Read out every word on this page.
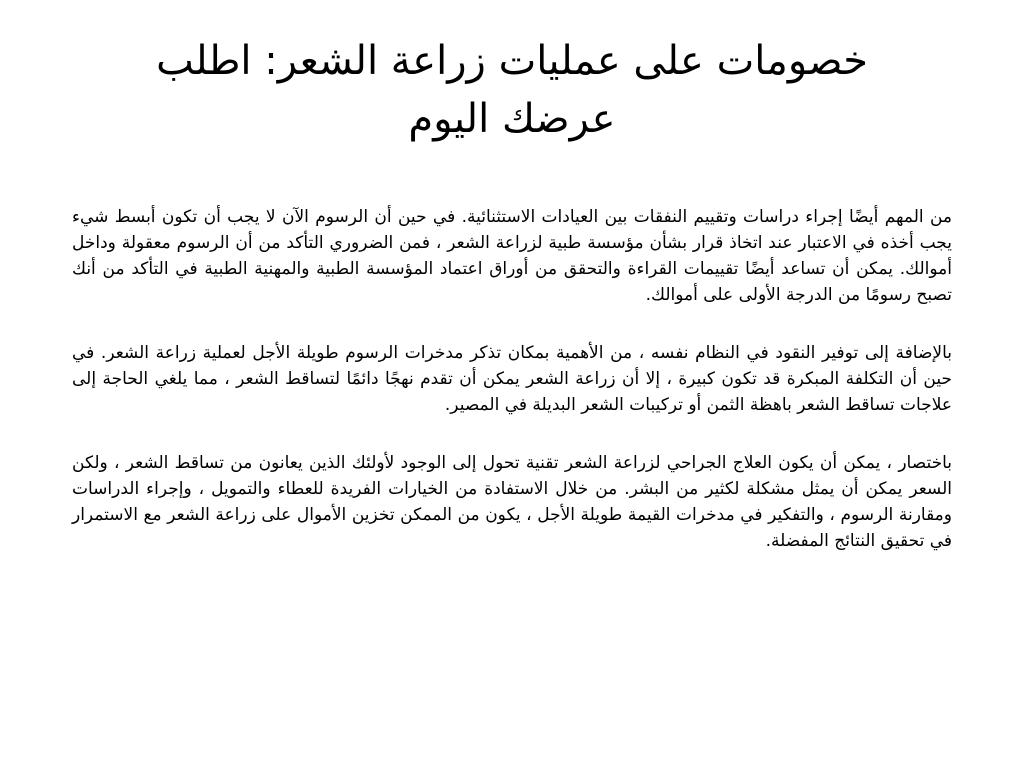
خصومات على عمليات زراعة الشعر: اطلب عرضك اليوم

من المهم أيضًا إجراء دراسات وتقييم النفقات بين العيادات الاستثنائية. في حين أن الرسوم الآن لا يجب أن تكون أبسط شيء يجب أخذه في الاعتبار عند اتخاذ قرار بشأن مؤسسة طبية لزراعة الشعر ، فمن الضروري التأكد من أن الرسوم معقولة وداخل أموالك. يمكن أن تساعد أيضًا تقييمات القراءة والتحقق من أوراق اعتماد المؤسسة الطبية والمهنية الطبية في التأكد من أنك تصبح رسومًا من الدرجة الأولى على أموالك.

بالإضافة إلى توفير النقود في النظام نفسه ، من الأهمية بمكان تذكر مدخرات الرسوم طويلة الأجل لعملية زراعة الشعر. في حين أن التكلفة المبكرة قد تكون كبيرة ، إلا أن زراعة الشعر يمكن أن تقدم نهجًا دائمًا لتساقط الشعر ، مما يلغي الحاجة إلى علاجات تساقط الشعر باهظة الثمن أو تركيبات الشعر البديلة في المصير.

باختصار ، يمكن أن يكون العلاج الجراحي لزراعة الشعر تقنية تحول إلى الوجود لأولئك الذين يعانون من تساقط الشعر ، ولكن السعر يمكن أن يمثل مشكلة لكثير من البشر. من خلال الاستفادة من الخيارات الفريدة للعطاء والتمويل ، وإجراء الدراسات ومقارنة الرسوم ، والتفكير في مدخرات القيمة طويلة الأجل ، يكون من الممكن تخزين الأموال على زراعة الشعر مع الاستمرار في تحقيق النتائج المفضلة.
